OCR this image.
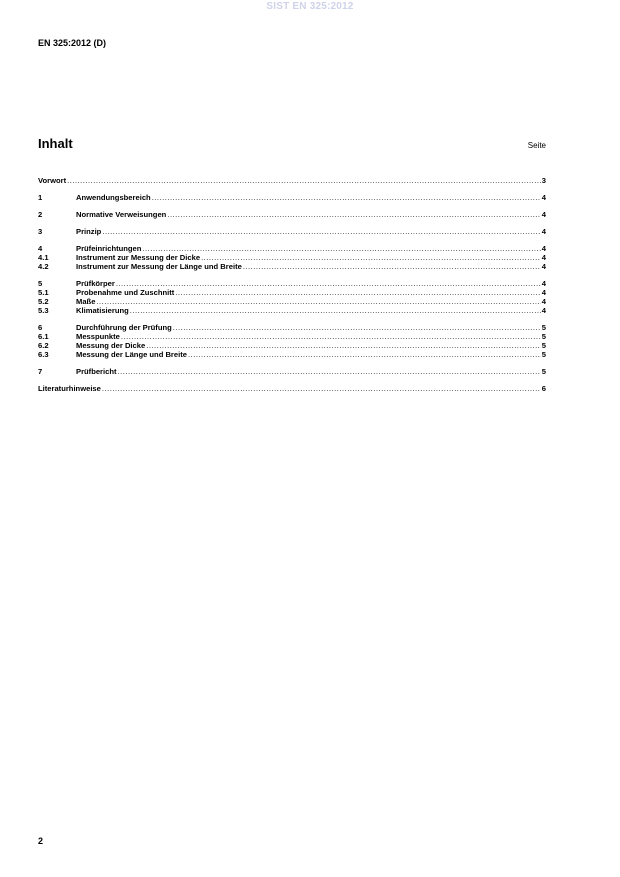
SIST EN 325:2012
EN 325:2012 (D)
Inhalt	Seite
Vorwort .....	3
1	Anwendungsbereich .....	4
2	Normative Verweisungen .....	4
3	Prinzip .....	4
4	Prüfeinrichtungen .....	4
4.1	Instrument zur Messung der Dicke .....	4
4.2	Instrument zur Messung der Länge und Breite .....	4
5	Prüfkörper .....	4
5.1	Probenahme und Zuschnitt .....	4
5.2	Maße .....	4
5.3	Klimatisierung .....	4
6	Durchführung der Prüfung .....	5
6.1	Messpunkte .....	5
6.2	Messung der Dicke .....	5
6.3	Messung der Länge und Breite .....	5
7	Prüfbericht .....	5
Literaturhinweise .....	6
2
